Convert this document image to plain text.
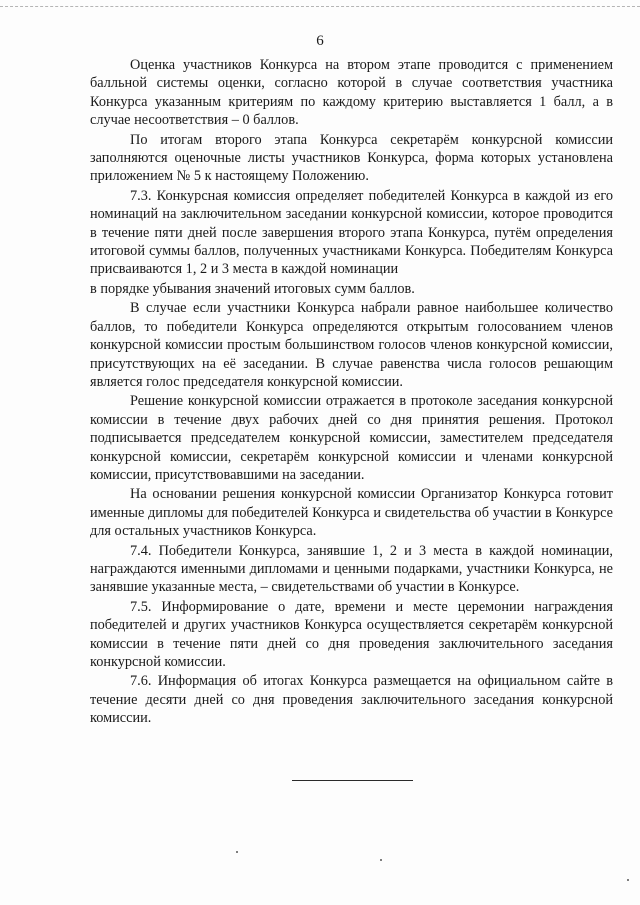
6

Оценка участников Конкурса на втором этапе проводится с применением балльной системы оценки, согласно которой в случае соответствия участника Конкурса указанным критериям по каждому критерию выставляется 1 балл, а в случае несоответствия – 0 баллов.

По итогам второго этапа Конкурса секретарём конкурсной комиссии заполняются оценочные листы участников Конкурса, форма которых установлена приложением № 5 к настоящему Положению.

7.3. Конкурсная комиссия определяет победителей Конкурса в каждой из его номинаций на заключительном заседании конкурсной комиссии, которое проводится в течение пяти дней после завершения второго этапа Конкурса, путём определения итоговой суммы баллов, полученных участниками Конкурса. Победителям Конкурса присваиваются 1, 2 и 3 места в каждой номинации

в порядке убывания значений итоговых сумм баллов.

В случае если участники Конкурса набрали равное наибольшее количество баллов, то победители Конкурса определяются открытым голосованием членов конкурсной комиссии простым большинством голосов членов конкурсной комиссии, присутствующих на её заседании. В случае равенства числа голосов решающим является голос председателя конкурсной комиссии.

Решение конкурсной комиссии отражается в протоколе заседания конкурсной комиссии в течение двух рабочих дней со дня принятия решения. Протокол подписывается председателем конкурсной комиссии, заместителем председателя конкурсной комиссии, секретарём конкурсной комиссии и членами конкурсной комиссии, присутствовавшими на заседании.

На основании решения конкурсной комиссии Организатор Конкурса готовит именные дипломы для победителей Конкурса и свидетельства об участии в Конкурсе для остальных участников Конкурса.

7.4. Победители Конкурса, занявшие 1, 2 и 3 места в каждой номинации, награждаются именными дипломами и ценными подарками, участники Конкурса, не занявшие указанные места, – свидетельствами об участии в Конкурсе.

7.5. Информирование о дате, времени и месте церемонии награждения победителей и других участников Конкурса осуществляется секретарём конкурсной комиссии в течение пяти дней со дня проведения заключительного заседания конкурсной комиссии.

7.6. Информация об итогах Конкурса размещается на официальном сайте в течение десяти дней со дня проведения заключительного заседания конкурсной комиссии.
